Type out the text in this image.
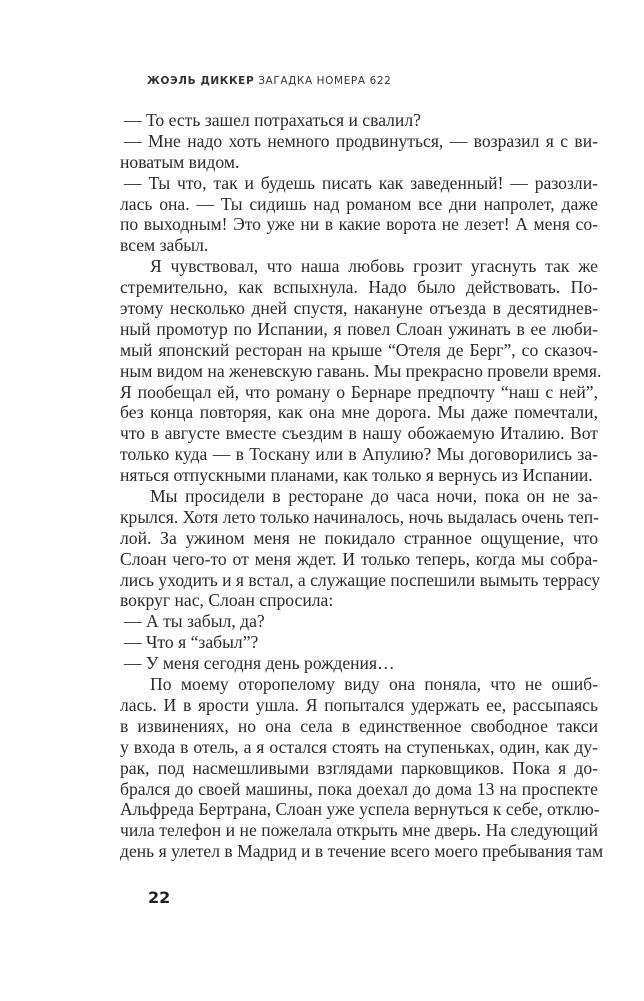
ЖОЭЛЬ ДИККЕР ЗАГАДКА НОМЕРА 622
— То есть зашел потрахаться и свалил?
— Мне надо хоть немного продвинуться, — возразил я с ви-
новатым видом.
— Ты что, так и будешь писать как заведенный! — разозли-
лась она. — Ты сидишь над романом все дни напролет, даже
по выходным! Это уже ни в какие ворота не лезет! А меня со-
всем забыл.
Я чувствовал, что наша любовь грозит угаснуть так же
стремительно, как вспыхнула. Надо было действовать. По-
этому несколько дней спустя, накануне отъезда в десятиднев-
ный промотур по Испании, я повел Слоан ужинать в ее люби-
мый японский ресторан на крыше “Отеля де Берг”, со сказоч-
ным видом на женевскую гавань. Мы прекрасно провели время.
Я пообещал ей, что роману о Бернаре предпочту “наш с ней”,
без конца повторяя, как она мне дорога. Мы даже помечтали,
что в августе вместе съездим в нашу обожаемую Италию. Вот
только куда — в Тоскану или в Апулию? Мы договорились за-
няться отпускными планами, как только я вернусь из Испании.
Мы просидели в ресторане до часа ночи, пока он не за-
крылся. Хотя лето только начиналось, ночь выдалась очень теп-
лой. За ужином меня не покидало странное ощущение, что
Слоан чего-то от меня ждет. И только теперь, когда мы собра-
лись уходить и я встал, а служащие поспешили вымыть террасу
вокруг нас, Слоан спросила:
— А ты забыл, да?
— Что я “забыл”?
— У меня сегодня день рождения…
По моему оторопелому виду она поняла, что не ошиб-
лась. И в ярости ушла. Я попытался удержать ее, рассыпаясь
в извинениях, но она села в единственное свободное такси
у входа в отель, а я остался стоять на ступеньках, один, как ду-
рак, под насмешливыми взглядами парковщиков. Пока я до-
брался до своей машины, пока доехал до дома 13 на проспекте
Альфреда Бертрана, Слоан уже успела вернуться к себе, отклю-
чила телефон и не пожелала открыть мне дверь. На следующий
день я улетел в Мадрид и в течение всего моего пребывания там
22
